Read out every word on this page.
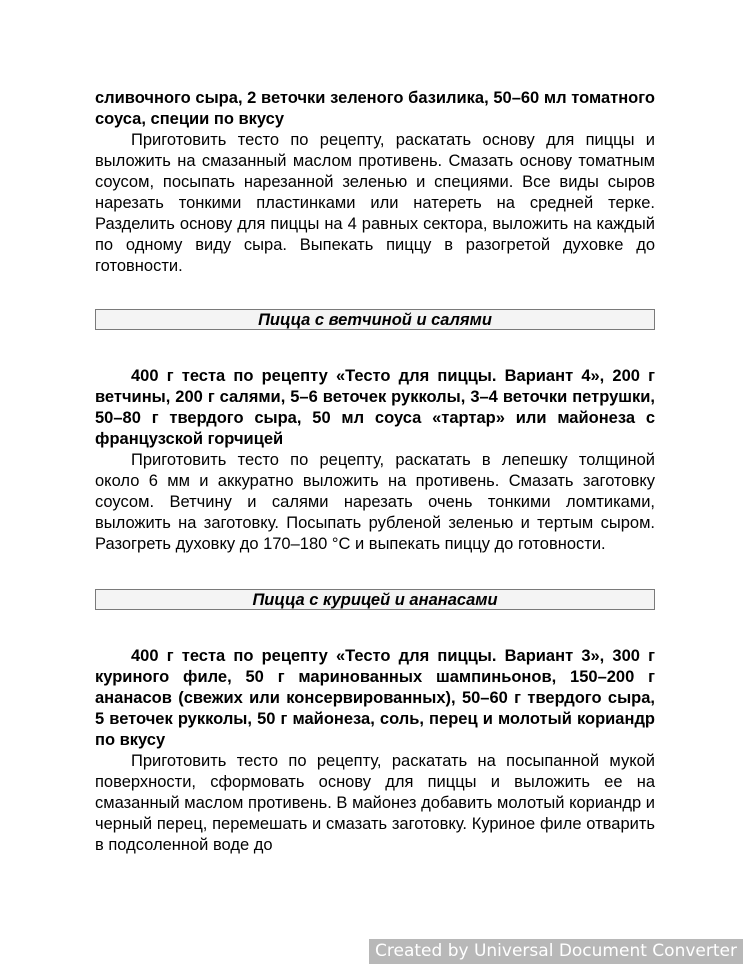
сливочного сыра, 2 веточки зеленого базилика, 50–60 мл томатного соуса, специи по вкусу

Приготовить тесто по рецепту, раскатать основу для пиццы и выложить на смазанный маслом противень. Смазать основу томатным соусом, посыпать нарезанной зеленью и специями. Все виды сыров нарезать тонкими пластинками или натереть на средней терке. Разделить основу для пиццы на 4 равных сектора, выложить на каждый по одному виду сыра. Выпекать пиццу в разогретой духовке до готовности.

Пицца с ветчиной и салями

400 г теста по рецепту «Тесто для пиццы. Вариант 4», 200 г ветчины, 200 г салями, 5–6 веточек рукколы, 3–4 веточки петрушки, 50–80 г твердого сыра, 50 мл соуса «тартар» или майонеза с французской горчицей

Приготовить тесто по рецепту, раскатать в лепешку толщиной около 6 мм и аккуратно выложить на противень. Смазать заготовку соусом. Ветчину и салями нарезать очень тонкими ломтиками, выложить на заготовку. Посыпать рубленой зеленью и тертым сыром. Разогреть духовку до 170–180 °С и выпекать пиццу до готовности.

Пицца с курицей и ананасами

400 г теста по рецепту «Тесто для пиццы. Вариант 3», 300 г куриного филе, 50 г маринованных шампиньонов, 150–200 г ананасов (свежих или консервированных), 50–60 г твердого сыра, 5 веточек рукколы, 50 г майонеза, соль, перец и молотый кориандр по вкусу

Приготовить тесто по рецепту, раскатать на посыпанной мукой поверхности, сформовать основу для пиццы и выложить ее на смазанный маслом противень. В майонез добавить молотый кориандр и черный перец, перемешать и смазать заготовку. Куриное филе отварить в подсоленной воде до

Created by Universal Document Converter
